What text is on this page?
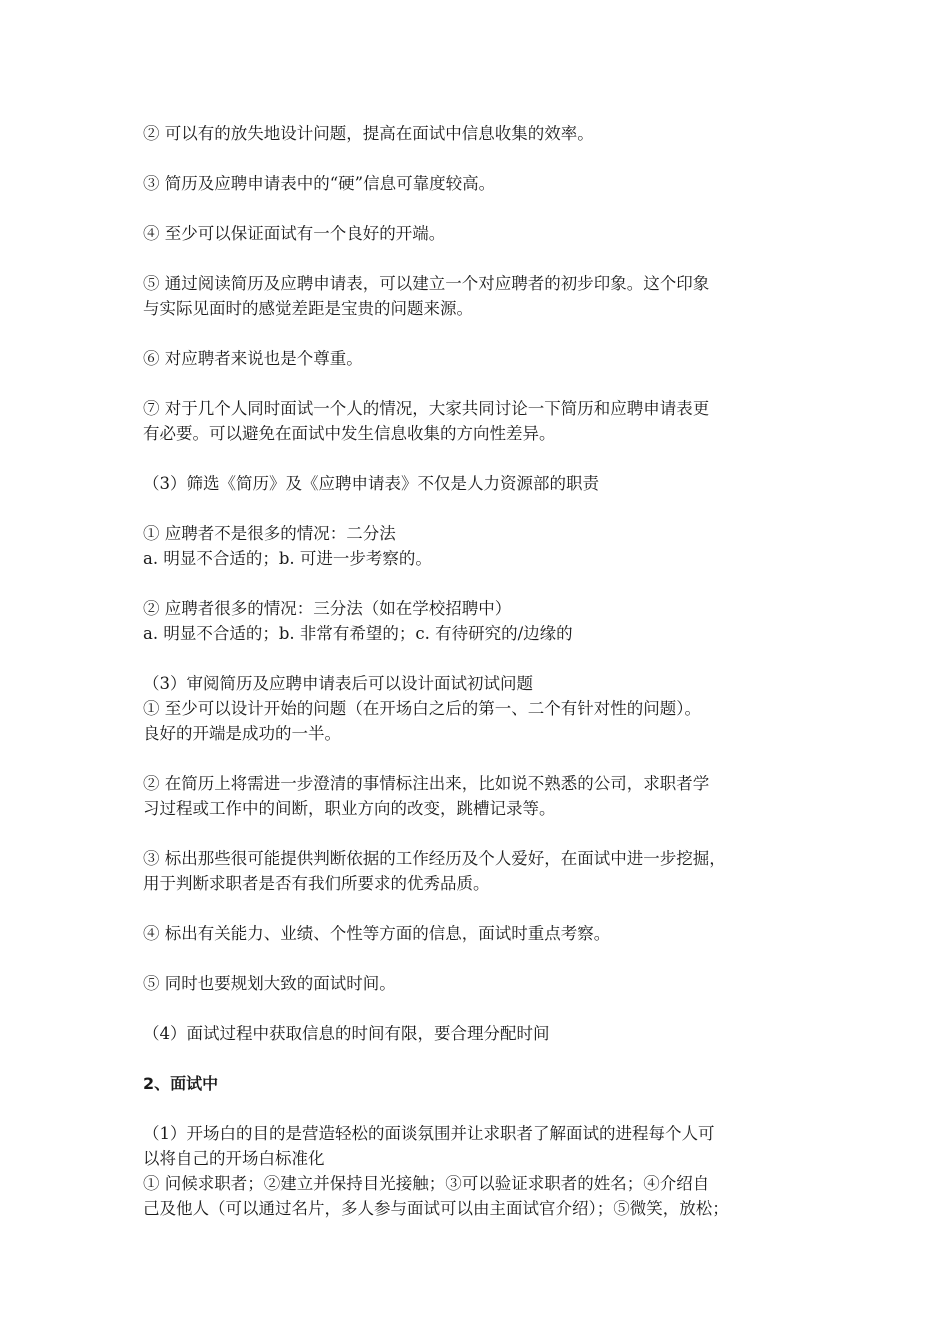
② 可以有的放失地设计问题，提高在面试中信息收集的效率。
③ 简历及应聘申请表中的“硬”信息可靠度较高。
④ 至少可以保证面试有一个良好的开端。
⑤ 通过阅读简历及应聘申请表，可以建立一个对应聘者的初步印象。这个印象
与实际见面时的感觉差距是宝贵的问题来源。
⑥ 对应聘者来说也是个尊重。
⑦ 对于几个人同时面试一个人的情况，大家共同讨论一下简历和应聘申请表更
有必要。可以避免在面试中发生信息收集的方向性差异。
（3）筛选《简历》及《应聘申请表》不仅是人力资源部的职责
① 应聘者不是很多的情况：二分法
a. 明显不合适的；b. 可进一步考察的。
② 应聘者很多的情况：三分法（如在学校招聘中）
a. 明显不合适的；b. 非常有希望的；c. 有待研究的/边缘的
（3）审阅简历及应聘申请表后可以设计面试初试问题
① 至少可以设计开始的问题（在开场白之后的第一、二个有针对性的问题）。
良好的开端是成功的一半。
② 在简历上将需进一步澄清的事情标注出来，比如说不熟悉的公司，求职者学
习过程或工作中的间断，职业方向的改变，跳槽记录等。
③ 标出那些很可能提供判断依据的工作经历及个人爱好，在面试中进一步挖掘，
用于判断求职者是否有我们所要求的优秀品质。
④ 标出有关能力、业绩、个性等方面的信息，面试时重点考察。
⑤ 同时也要规划大致的面试时间。
（4）面试过程中获取信息的时间有限，要合理分配时间
2、面试中
（1）开场白的目的是营造轻松的面谈氛围并让求职者了解面试的进程每个人可
以将自己的开场白标准化
① 问候求职者；②建立并保持目光接触；③可以验证求职者的姓名；④介绍自
己及他人（可以通过名片，多人参与面试可以由主面试官介绍）；⑤微笑，放松；
